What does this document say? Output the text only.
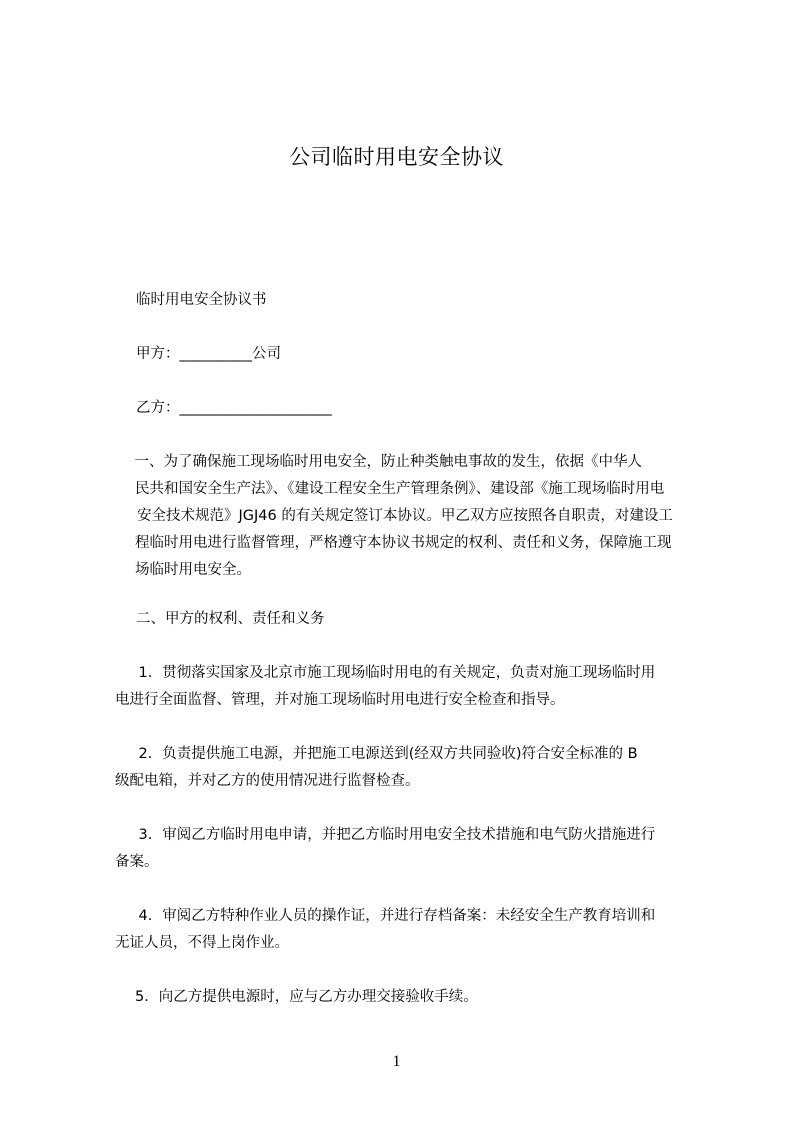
公司临时用电安全协议
临时用电安全协议书
甲方：__________公司
乙方：_____________________
　一、为了确保施工现场临时用电安全，防止种类触电事故的发生，依据《中华人
民共和国安全生产法》、《建设工程安全生产管理条例》、建设部《施工现场临时用电
安全技术规范》JGJ46 的有关规定签订本协议。甲乙双方应按照各自职责，对建设工
程临时用电进行监督管理，严格遵守本协议书规定的权利、责任和义务，保障施工现
场临时用电安全。
二、甲方的权利、责任和义务
　1．贯彻落实国家及北京市施工现场临时用电的有关规定，负责对施工现场临时用
电进行全面监督、管理，并对施工现场临时用电进行安全检查和指导。
　2．负责提供施工电源，并把施工电源送到(经双方共同验收)符合安全标准的 B
级配电箱，并对乙方的使用情况进行监督检查。
　3．审阅乙方临时用电申请，并把乙方临时用电安全技术措施和电气防火措施进行
备案。
　4．审阅乙方特种作业人员的操作证，并进行存档备案：未经安全生产教育培训和
无证人员，不得上岗作业。
5．向乙方提供电源时，应与乙方办理交接验收手续。
1
